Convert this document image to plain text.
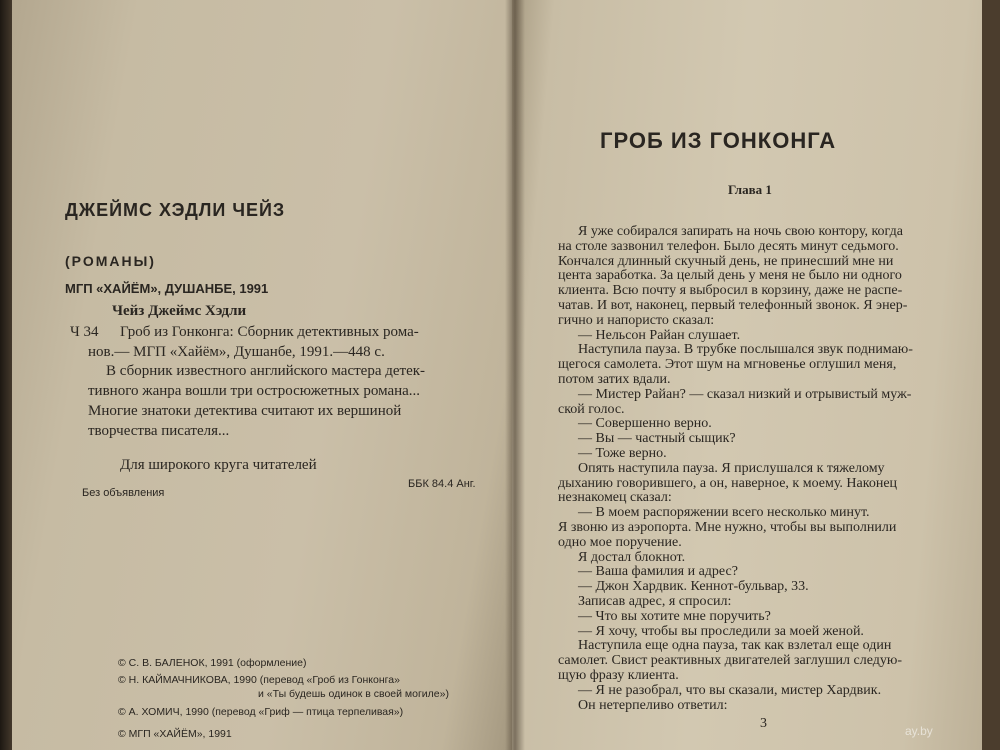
ДЖЕЙМС ХЭДЛИ ЧЕЙЗ
(РОМАНЫ)
МГП «ХАЙЁМ», ДУШАНБЕ, 1991
Чейз Джеймс Хэдли
Ч 34 Гроб из Гонконга: Сборник детективных рома-
нов.— МГП «Хайём», Душанбе, 1991.—448 с.
В сборник известного английского мастера детек-
тивного жанра вошли три остросюжетных романа...
Многие знатоки детектива считают их вершиной
творчества писателя...
Для широкого круга читателей
Без объявления
ББК 84.4 Анг.
© С. В. БАЛЕНОК, 1991 (оформление)
© Н. КАЙМАЧНИКОВА, 1990 (перевод «Гроб из Гонконга»
и «Ты будешь одинок в своей могиле»)
© А. ХОМИЧ, 1990 (перевод «Гриф — птица терпеливая»)
© МГП «ХАЙЁМ», 1991
ГРОБ ИЗ ГОНКОНГА
Глава 1
Я уже собирался запирать на ночь свою контору, когда
на столе зазвонил телефон. Было десять минут седьмого.
Кончался длинный скучный день, не принесший мне ни
цента заработка. За целый день у меня не было ни одного
клиента. Всю почту я выбросил в корзину, даже не распе-
чатав. И вот, наконец, первый телефонный звонок. Я энер-
гично и напористо сказал:
— Нельсон Райан слушает.
Наступила пауза. В трубке послышался звук поднимаю-
щегося самолета. Этот шум на мгновенье оглушил меня,
потом затих вдали.
— Мистер Райан? — сказал низкий и отрывистый муж-
ской голос.
— Совершенно верно.
— Вы — частный сыщик?
— Тоже верно.
Опять наступила пауза. Я прислушался к тяжелому
дыханию говорившего, а он, наверное, к моему. Наконец
незнакомец сказал:
— В моем распоряжении всего несколько минут.
Я звоню из аэропорта. Мне нужно, чтобы вы выполнили
одно мое поручение.
Я достал блокнот.
— Ваша фамилия и адрес?
— Джон Хардвик. Кеннот-бульвар, 33.
Записав адрес, я спросил:
— Что вы хотите мне поручить?
— Я хочу, чтобы вы проследили за моей женой.
Наступила еще одна пауза, так как взлетал еще один
самолет. Свист реактивных двигателей заглушил следую-
щую фразу клиента.
— Я не разобрал, что вы сказали, мистер Хардвик.
Он нетерпеливо ответил:
3	ay.by
